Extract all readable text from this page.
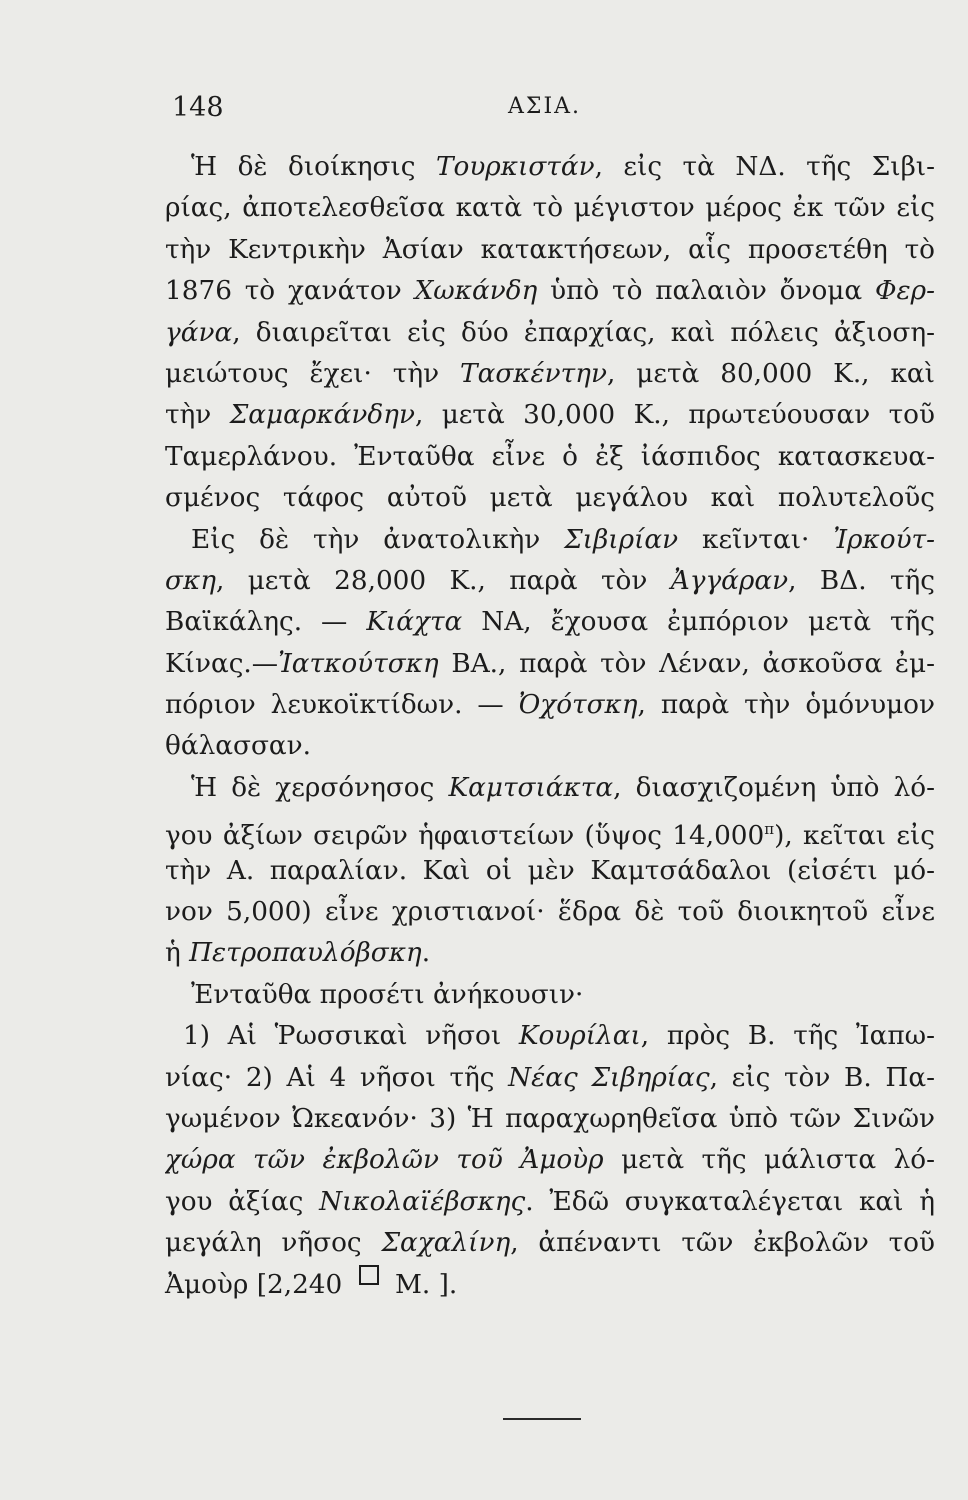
148	ΑΣΙΑ.
Ἡ δὲ διοίκησις Τουρκιστάν, εἰς τὰ ΝΔ. τῆς Σιβι-
ρίας, ἀποτελεσθεῖσα κατὰ τὸ μέγιστον μέρος ἐκ τῶν εἰς
τὴν Κεντρικὴν Ἀσίαν κατακτήσεων, αἷς προσετέθη τὸ
1876 τὸ χανάτον Χωκάνδη ὑπὸ τὸ παλαιὸν ὄνομα Φερ-
γάνα, διαιρεῖται εἰς δύο ἐπαρχίας, καὶ πόλεις ἀξιοση-
μειώτους ἔχει· τὴν Τασκέντην, μετὰ 80,000 Κ., καὶ
τὴν Σαμαρκάνδην, μετὰ 30,000 Κ., πρωτεύουσαν τοῦ
Ταμερλάνου. Ἐνταῦθα εἶνε ὁ ἐξ ἰάσπιδος κατασκευα-
σμένος τάφος αὐτοῦ μετὰ μεγάλου καὶ πολυτελοῦς
Εἰς δὲ τὴν ἀνατολικὴν Σιβιρίαν κεῖνται· Ἰρκούτ-
σκη, μετὰ 28,000 Κ., παρὰ τὸν Ἀγγάραν, ΒΔ. τῆς
Βαϊκάλης. — Κιάχτα ΝΑ, ἔχουσα ἐμπόριον μετὰ τῆς
Κίνας.—Ἰατκούτσκη ΒΑ., παρὰ τὸν Λέναν, ἀσκοῦσα ἐμ-
πόριον λευκοϊκτίδων. — Ὀχότσκη, παρὰ τὴν ὁμόνυμον
θάλασσαν.
Ἡ δὲ χερσόνησος Καμτσιάκτα, διασχιζομένη ὑπὸ λό-
γου ἀξίων σειρῶν ἡφαιστείων (ὕψος $14,000^\pi$), κεῖται εἰς
τὴν Α. παραλίαν. Καὶ οἱ μὲν Καμτσάδαλοι (εἰσέτι μό-
νον 5,000) εἶνε χριστιανοί· ἕδρα δὲ τοῦ διοικητοῦ εἶνε
ἡ Πετροπαυλόβσκη .
Ἐνταῦθα προσέτι ἀνήκουσιν·
1) Αἱ Ῥωσσικαὶ νῆσοι Κουρίλαι, πρὸς Β. τῆς Ἰαπω-
νίας· 2) Αἱ 4 νῆσοι τῆς Νέας Σιβηρίας, εἰς τὸν Β. Πα-
γωμένον Ὠκεανόν· 3) Ἡ παραχωρηθεῖσα ὑπὸ τῶν Σινῶν
χώρα τῶν ἐκβολῶν τοῦ Ἀμοὺρ μετὰ τῆς μάλιστα λό-
γου ἀξίας Νικολαϊέβσκης. Ἐδῶ συγκαταλέγεται καὶ ἡ
μεγάλη νῆσος Σαχαλίνη, ἀπέναντι τῶν ἐκβολῶν τοῦ
Ἀμοὺρ [2,240 Μ. ].
